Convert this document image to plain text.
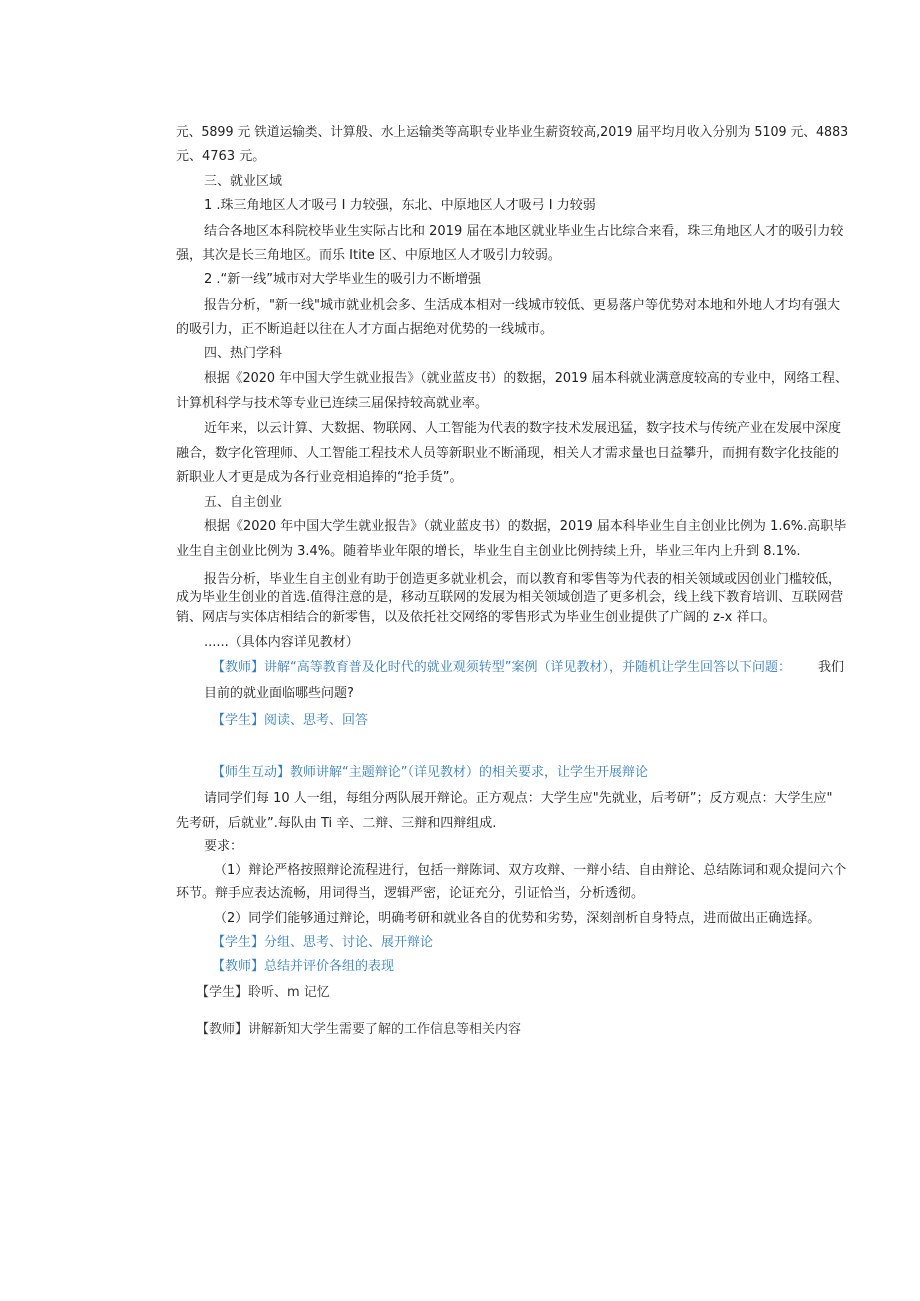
元、5899 元 铁道运输类、计算般、水上运输类等高职专业毕业生薪资较高,2019 届平均月收入分别为 5109 元、4883
元、4763 元。
三、就业区域
1 .珠三角地区人才吸弓 I 力较强，东北、中原地区人才吸弓 I 力较弱
结合各地区本科院校毕业生实际占比和 2019 届在本地区就业毕业生占比综合来看，珠三角地区人才的吸引力较
强，其次是长三角地区。而乐 Itite 区、中原地区人才吸引力较弱。
2 .“新一线”城市对大学毕业生的吸引力不断增强
报告分析，"新一线"城市就业机会多、生活成本相对一线城市较低、更易落户等优势对本地和外地人才均有强大
的吸引力，正不断追赶以往在人才方面占据绝对优势的一线城市。
四、热门学科
根据《2020 年中国大学生就业报告》（就业蓝皮书）的数据，2019 届本科就业满意度较高的专业中，网络工程、
计算机科学与技术等专业已连续三届保持较高就业率。
近年来，以云计算、大数据、物联网、人工智能为代表的数字技术发展迅猛，数字技术与传统产业在发展中深度
融合，数字化管理师、人工智能工程技术人员等新职业不断涌现，相关人才需求量也日益攀升，而拥有数字化技能的
新职业人才更是成为各行业竞相追捧的“抢手货”。
五、自主创业
根据《2020 年中国大学生就业报告》（就业蓝皮书）的数据，2019 届本科毕业生自主创业比例为 1.6%.高职毕
业生自主创业比例为 3.4%。随着毕业年限的增长，毕业生自主创业比例持续上升，毕业三年内上升到 8.1%.
报告分析，毕业生自主创业有助于创造更多就业机会，而以教育和零售等为代表的相关领域或因创业门槛较低，
成为毕业生创业的首选.值得注意的是，移动互联网的发展为相关领域创造了更多机会，线上线下教育培训、互联网营
销、网店与实体店相结合的新零售，以及依托社交网络的零售形式为毕业生创业提供了广阔的 z-x 祥口。
......（具体内容详见教材）
【教师】讲解“高等教育普及化时代的就业观须转型”案例（详见教材），并随机让学生回答以下问题： 我们
目前的就业面临哪些问题?
【学生】阅读、思考、回答
【师生互动】教师讲解“主题辩论”（详见教材）的相关要求，让学生开展辩论
请同学们每 10 人一组，每组分两队展开辩论。正方观点：大学生应"先就业，后考研”；反方观点：大学生应"
先考研，后就业”.每队由 Ti 辛、二辩、三辩和四辩组成.
要求：
（1）辩论严格按照辩论流程进行，包括一辩陈词、双方攻辩、一辩小结、自由辩论、总结陈词和观众提问六个
环节。辩手应表达流畅，用词得当，逻辑严密，论证充分，引证恰当，分析透彻。
（2）同学们能够通过辩论，明确考研和就业各自的优势和劣势，深刻剖析自身特点，进而做出正确选择。
【学生】分组、思考、讨论、展开辩论
【教师】总结并评价各组的表现
【学生】聆听、m 记忆
【教师】讲解新知大学生需要了解的工作信息等相关内容
